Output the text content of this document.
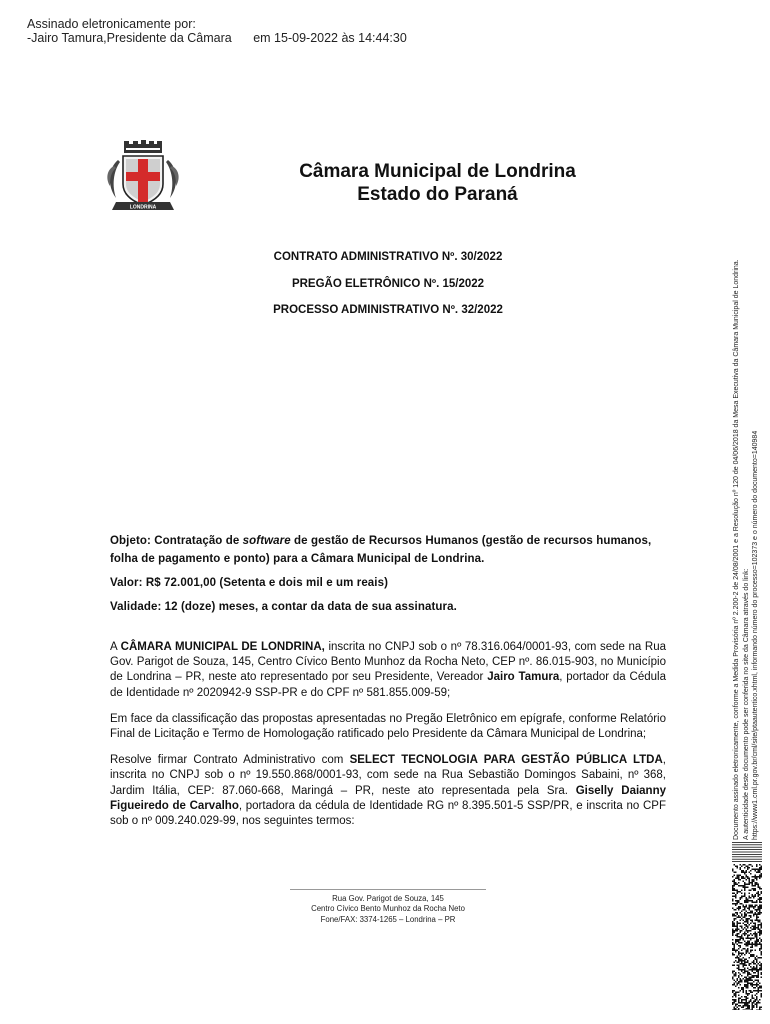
Assinado eletronicamente por:
-Jairo Tamura,Presidente da Câmara em 15-09-2022 às 14:44:30
LONDRINA
Câmara Municipal de Londrina
Estado do Paraná
CONTRATO ADMINISTRATIVO Nº. 30/2022
PREGÃO ELETRÔNICO Nº. 15/2022
PROCESSO ADMINISTRATIVO Nº. 32/2022

Objeto: Contratação de software de gestão de Recursos Humanos (gestão de recursos humanos, folha de pagamento e ponto) para a Câmara Municipal de Londrina.

Valor: R$ 72.001,00 (Setenta e dois mil e um reais)

Validade: 12 (doze) meses, a contar da data de sua assinatura.

A CÂMARA MUNICIPAL DE LONDRINA, inscrita no CNPJ sob o nº 78.316.064/0001-93, com sede na Rua Gov. Parigot de Souza, 145, Centro Cívico Bento Munhoz da Rocha Neto, CEP nº. 86.015-903, no Município de Londrina – PR, neste ato representado por seu Presidente, Vereador Jairo Tamura, portador da Cédula de Identidade nº 2020942-9 SSP-PR e do CPF nº 581.855.009-59;

Em face da classificação das propostas apresentadas no Pregão Eletrônico em epígrafe, conforme Relatório Final de Licitação e Termo de Homologação ratificado pelo Presidente da Câmara Municipal de Londrina;

Resolve firmar Contrato Administrativo com SELECT TECNOLOGIA PARA GESTÃO PÚBLICA LTDA, inscrita no CNPJ sob o nº 19.550.868/0001-93, com sede na Rua Sebastião Domingos Sabaini, nº 368, Jardim Itália, CEP: 87.060-668, Maringá – PR, neste ato representada pela Sra. Giselly Daianny Figueiredo de Carvalho, portadora da cédula de Identidade RG nº 8.395.501-5 SSP/PR, e inscrita no CPF sob o nº 009.240.029-99, nos seguintes termos:

Rua Gov. Parigot de Souza, 145
Centro Cívico Bento Munhoz da Rocha Neto
Fone/FAX: 3374-1265 – Londrina – PR
Documento assinado eletronicamente, conforme a Medida Provisória nº 2.200-2 de 24/08/2001 e a Resolução nº 120 de 04/06/2018 da Mesa Executiva da Câmara Municipal de Londrina. A autenticidade deste documento pode ser conferida no site da Câmara através do link: https://www1.cml.pr.gov.br/cml/site/ptaautentico.xhtml, informando número do processo=102373 e o número do documento=140984
